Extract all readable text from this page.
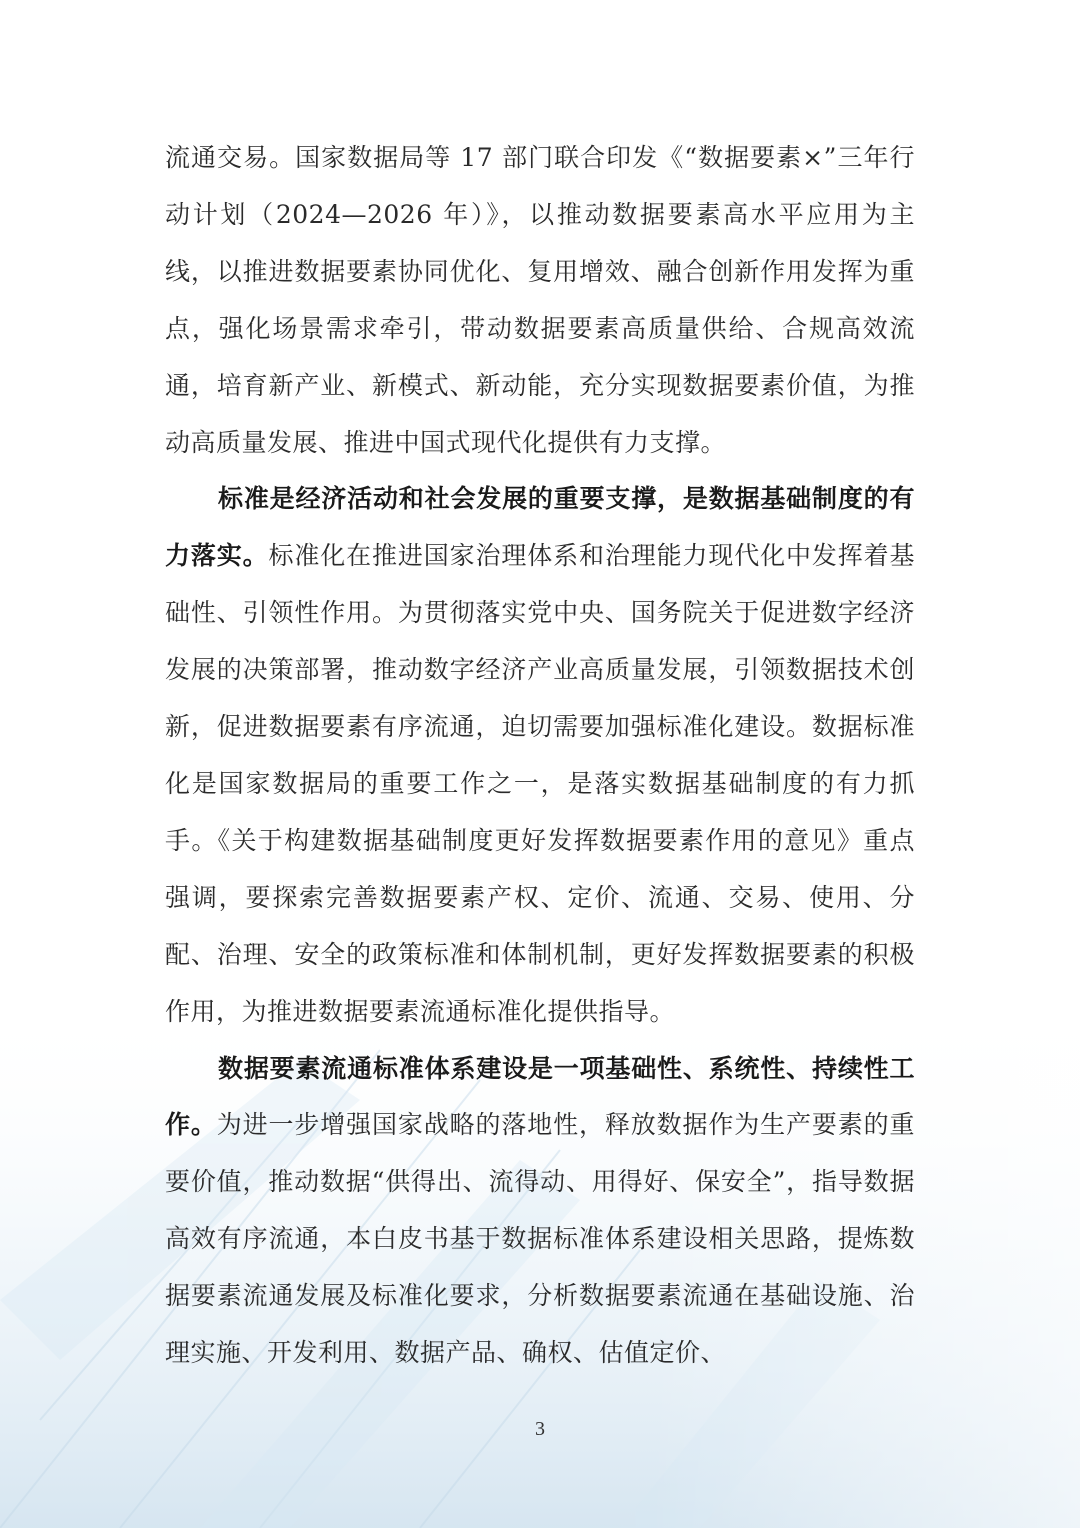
流通交易。国家数据局等 17 部门联合印发《“数据要素×”三年行动计划（2024—2026 年）》，以推动数据要素高水平应用为主线，以推进数据要素协同优化、复用增效、融合创新作用发挥为重点，强化场景需求牵引，带动数据要素高质量供给、合规高效流通，培育新产业、新模式、新动能，充分实现数据要素价值，为推动高质量发展、推进中国式现代化提供有力支撑。

标准是经济活动和社会发展的重要支撑，是数据基础制度的有力落实。标准化在推进国家治理体系和治理能力现代化中发挥着基础性、引领性作用。为贯彻落实党中央、国务院关于促进数字经济发展的决策部署，推动数字经济产业高质量发展，引领数据技术创新，促进数据要素有序流通，迫切需要加强标准化建设。数据标准化是国家数据局的重要工作之一，是落实数据基础制度的有力抓手。《关于构建数据基础制度更好发挥数据要素作用的意见》重点强调，要探索完善数据要素产权、定价、流通、交易、使用、分配、治理、安全的政策标准和体制机制，更好发挥数据要素的积极作用，为推进数据要素流通标准化提供指导。

数据要素流通标准体系建设是一项基础性、系统性、持续性工作。为进一步增强国家战略的落地性，释放数据作为生产要素的重要价值，推动数据“供得出、流得动、用得好、保安全”，指导数据高效有序流通，本白皮书基于数据标准体系建设相关思路，提炼数据要素流通发展及标准化要求，分析数据要素流通在基础设施、治理实施、开发利用、数据产品、确权、估值定价、

3
